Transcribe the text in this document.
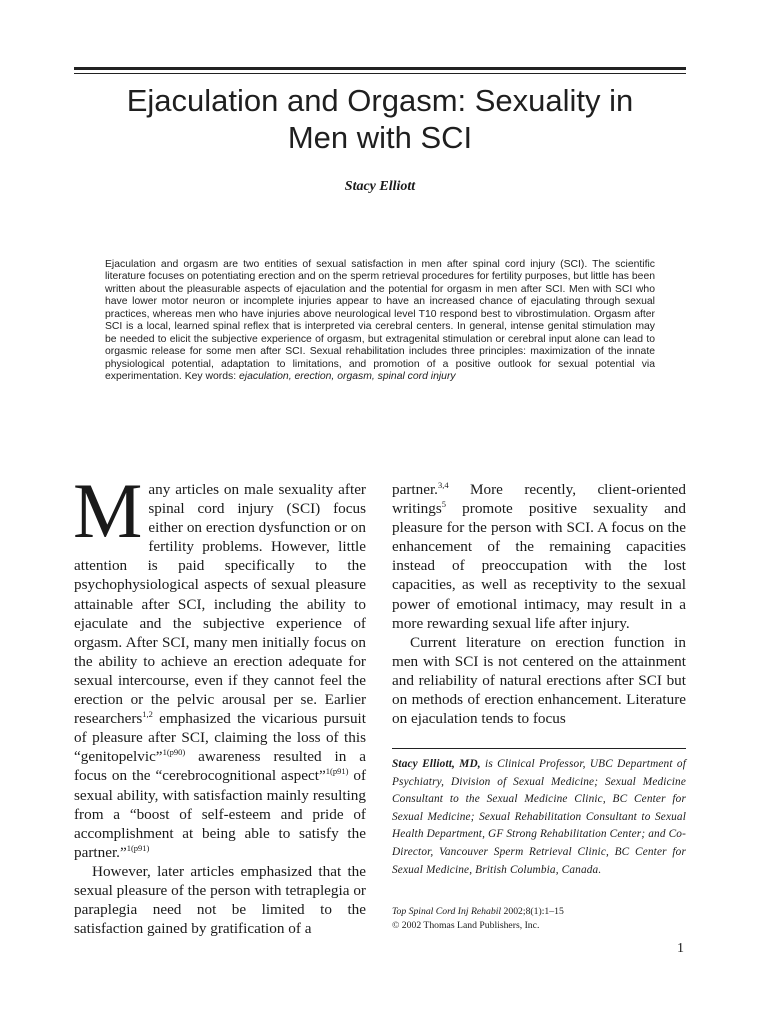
Ejaculation and Orgasm: Sexuality in
Men with SCI
Stacy Elliott

Ejaculation and orgasm are two entities of sexual satisfaction in men after spinal cord injury (SCI). The scientific literature focuses on potentiating erection and on the sperm retrieval procedures for fertility purposes, but little has been written about the pleasurable aspects of ejaculation and the potential for orgasm in men after SCI. Men with SCI who have lower motor neuron or incomplete injuries appear to have an increased chance of ejaculating through sexual practices, whereas men who have injuries above neurological level T10 respond best to vibrostimulation. Orgasm after SCI is a local, learned spinal reflex that is interpreted via cerebral centers. In general, intense genital stimulation may be needed to elicit the subjective experience of orgasm, but extragenital stimulation or cerebral input alone can lead to orgasmic release for some men after SCI. Sexual rehabilitation includes three principles: maximization of the innate physiological potential, adaptation to limitations, and promotion of a positive outlook for sexual potential via experimentation. Key words: ejaculation, erection, orgasm, spinal cord injury

Many articles on male sexuality after spinal cord injury (SCI) focus either on erection dysfunction or on fertility problems. However, little attention is paid specifically to the psychophysiological aspects of sexual pleasure attainable after SCI, including the ability to ejaculate and the subjective experience of orgasm. After SCI, many men initially focus on the ability to achieve an erection adequate for sexual intercourse, even if they cannot feel the erection or the pelvic arousal per se. Earlier researchers$^{1,2}$ emphasized the vicarious pursuit of pleasure after SCI, claiming the loss of this “genitopelvic”$^{1(p90)}$ awareness resulted in a focus on the “cerebrocognitional aspect”$^{1(p91)}$ of sexual ability, with satisfaction mainly resulting from a “boost of self-esteem and pride of accomplishment at being able to satisfy the partner.”$^{1(p91)}$

However, later articles emphasized that the sexual pleasure of the person with tetraplegia or paraplegia need not be limited to the satisfaction gained by gratification of a

partner.$^{3,4}$ More recently, client-oriented writings$^5$ promote positive sexuality and pleasure for the person with SCI. A focus on the enhancement of the remaining capacities instead of preoccupation with the lost capacities, as well as receptivity to the sexual power of emotional intimacy, may result in a more rewarding sexual life after injury.

Current literature on erection function in men with SCI is not centered on the attainment and reliability of natural erections after SCI but on methods of erection enhancement. Literature on ejaculation tends to focus

Stacy Elliott, MD, is Clinical Professor, UBC Department of Psychiatry, Division of Sexual Medicine; Sexual Medicine Consultant to the Sexual Medicine Clinic, BC Center for Sexual Medicine; Sexual Rehabilitation Consultant to Sexual Health Department, GF Strong Rehabilitation Center; and Co-Director, Vancouver Sperm Retrieval Clinic, BC Center for Sexual Medicine, British Columbia, Canada.

Top Spinal Cord Inj Rehabil 2002;8(1):1–15
© 2002 Thomas Land Publishers, Inc.

1
